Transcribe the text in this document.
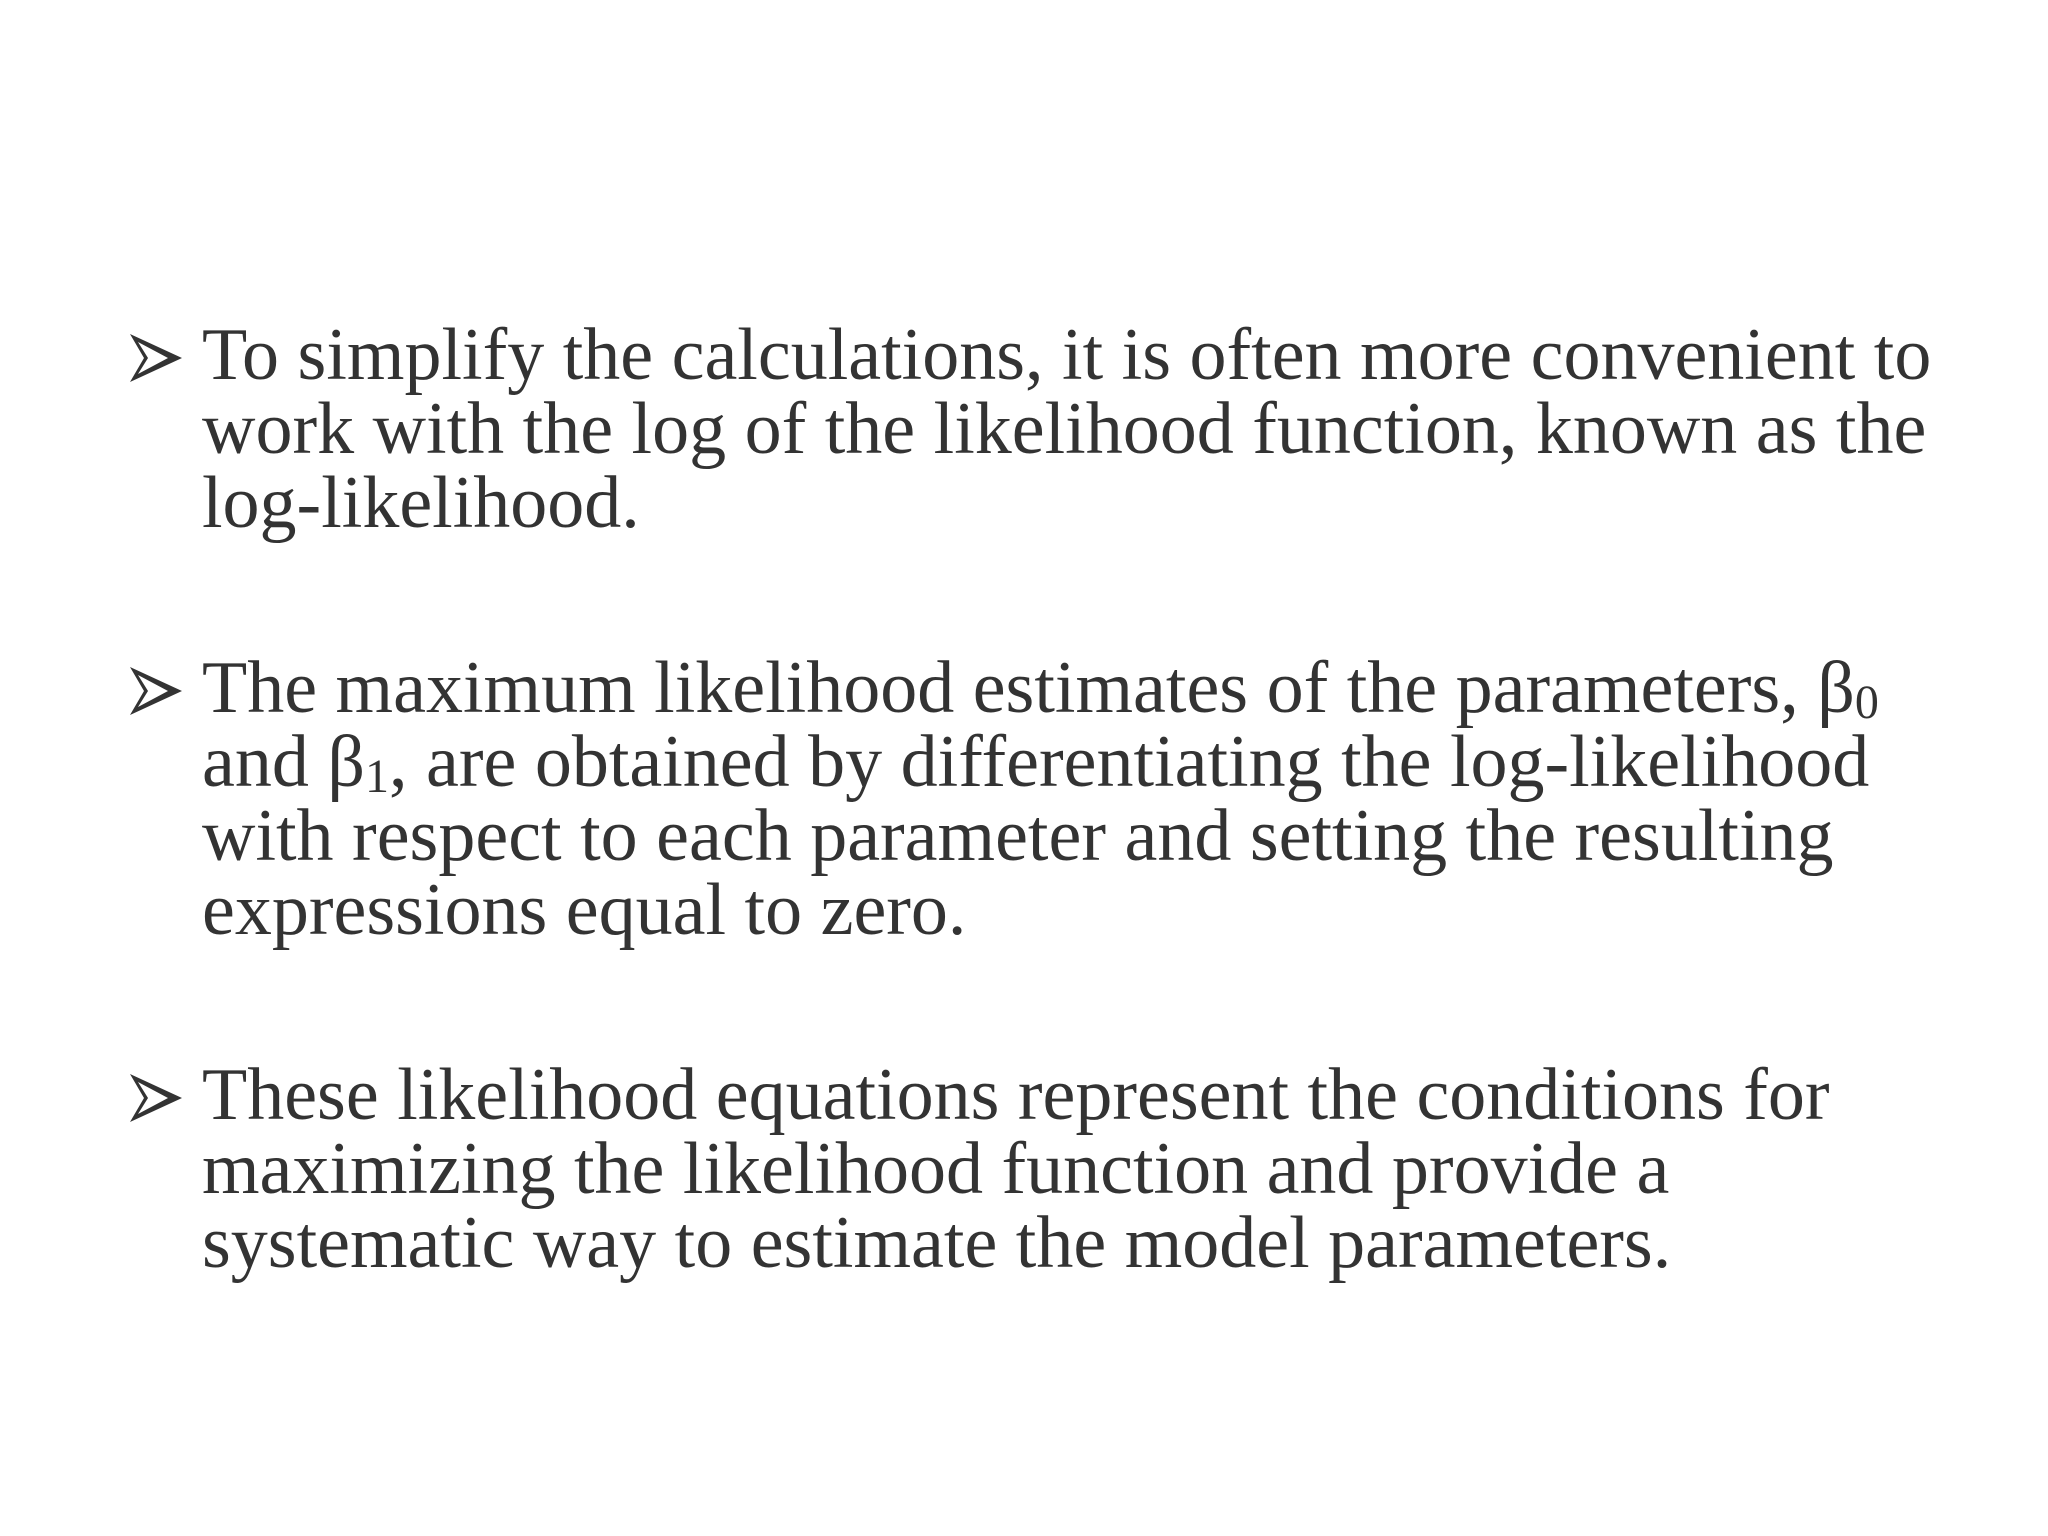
To simplify the calculations, it is often more convenient to work with the log of the likelihood function, known as the log-likelihood.
The maximum likelihood estimates of the parameters, β0 and β1, are obtained by differentiating the log-likelihood with respect to each parameter and setting the resulting expressions equal to zero.
These likelihood equations represent the conditions for maximizing the likelihood function and provide a systematic way to estimate the model parameters.
